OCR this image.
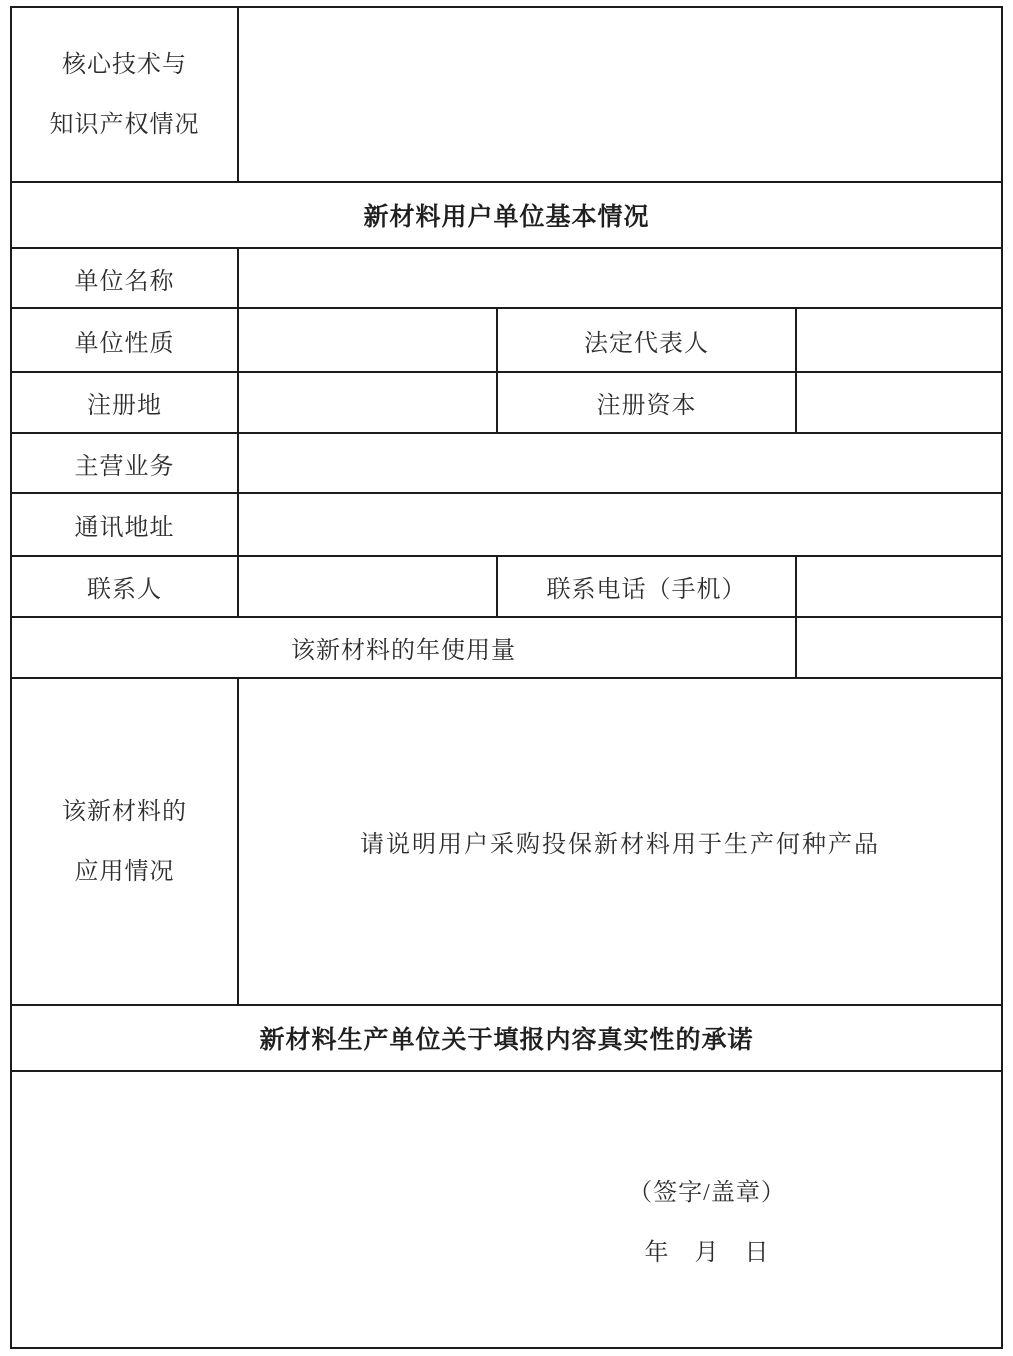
核心技术与
知识产权情况			

新材料用户单位基本情况			
单位名称			
单位性质		法定代表人	
注册地		注册资本	
主营业务			
通讯地址			
联系人		联系电话（手机）	
该新材料的年使用量			

该新材料的
应用情况	请说明用户采购投保新材料用于生产何种产品		
新材料生产单位关于填报内容真实性的承诺			

（签字/盖章）
年　月　日			
